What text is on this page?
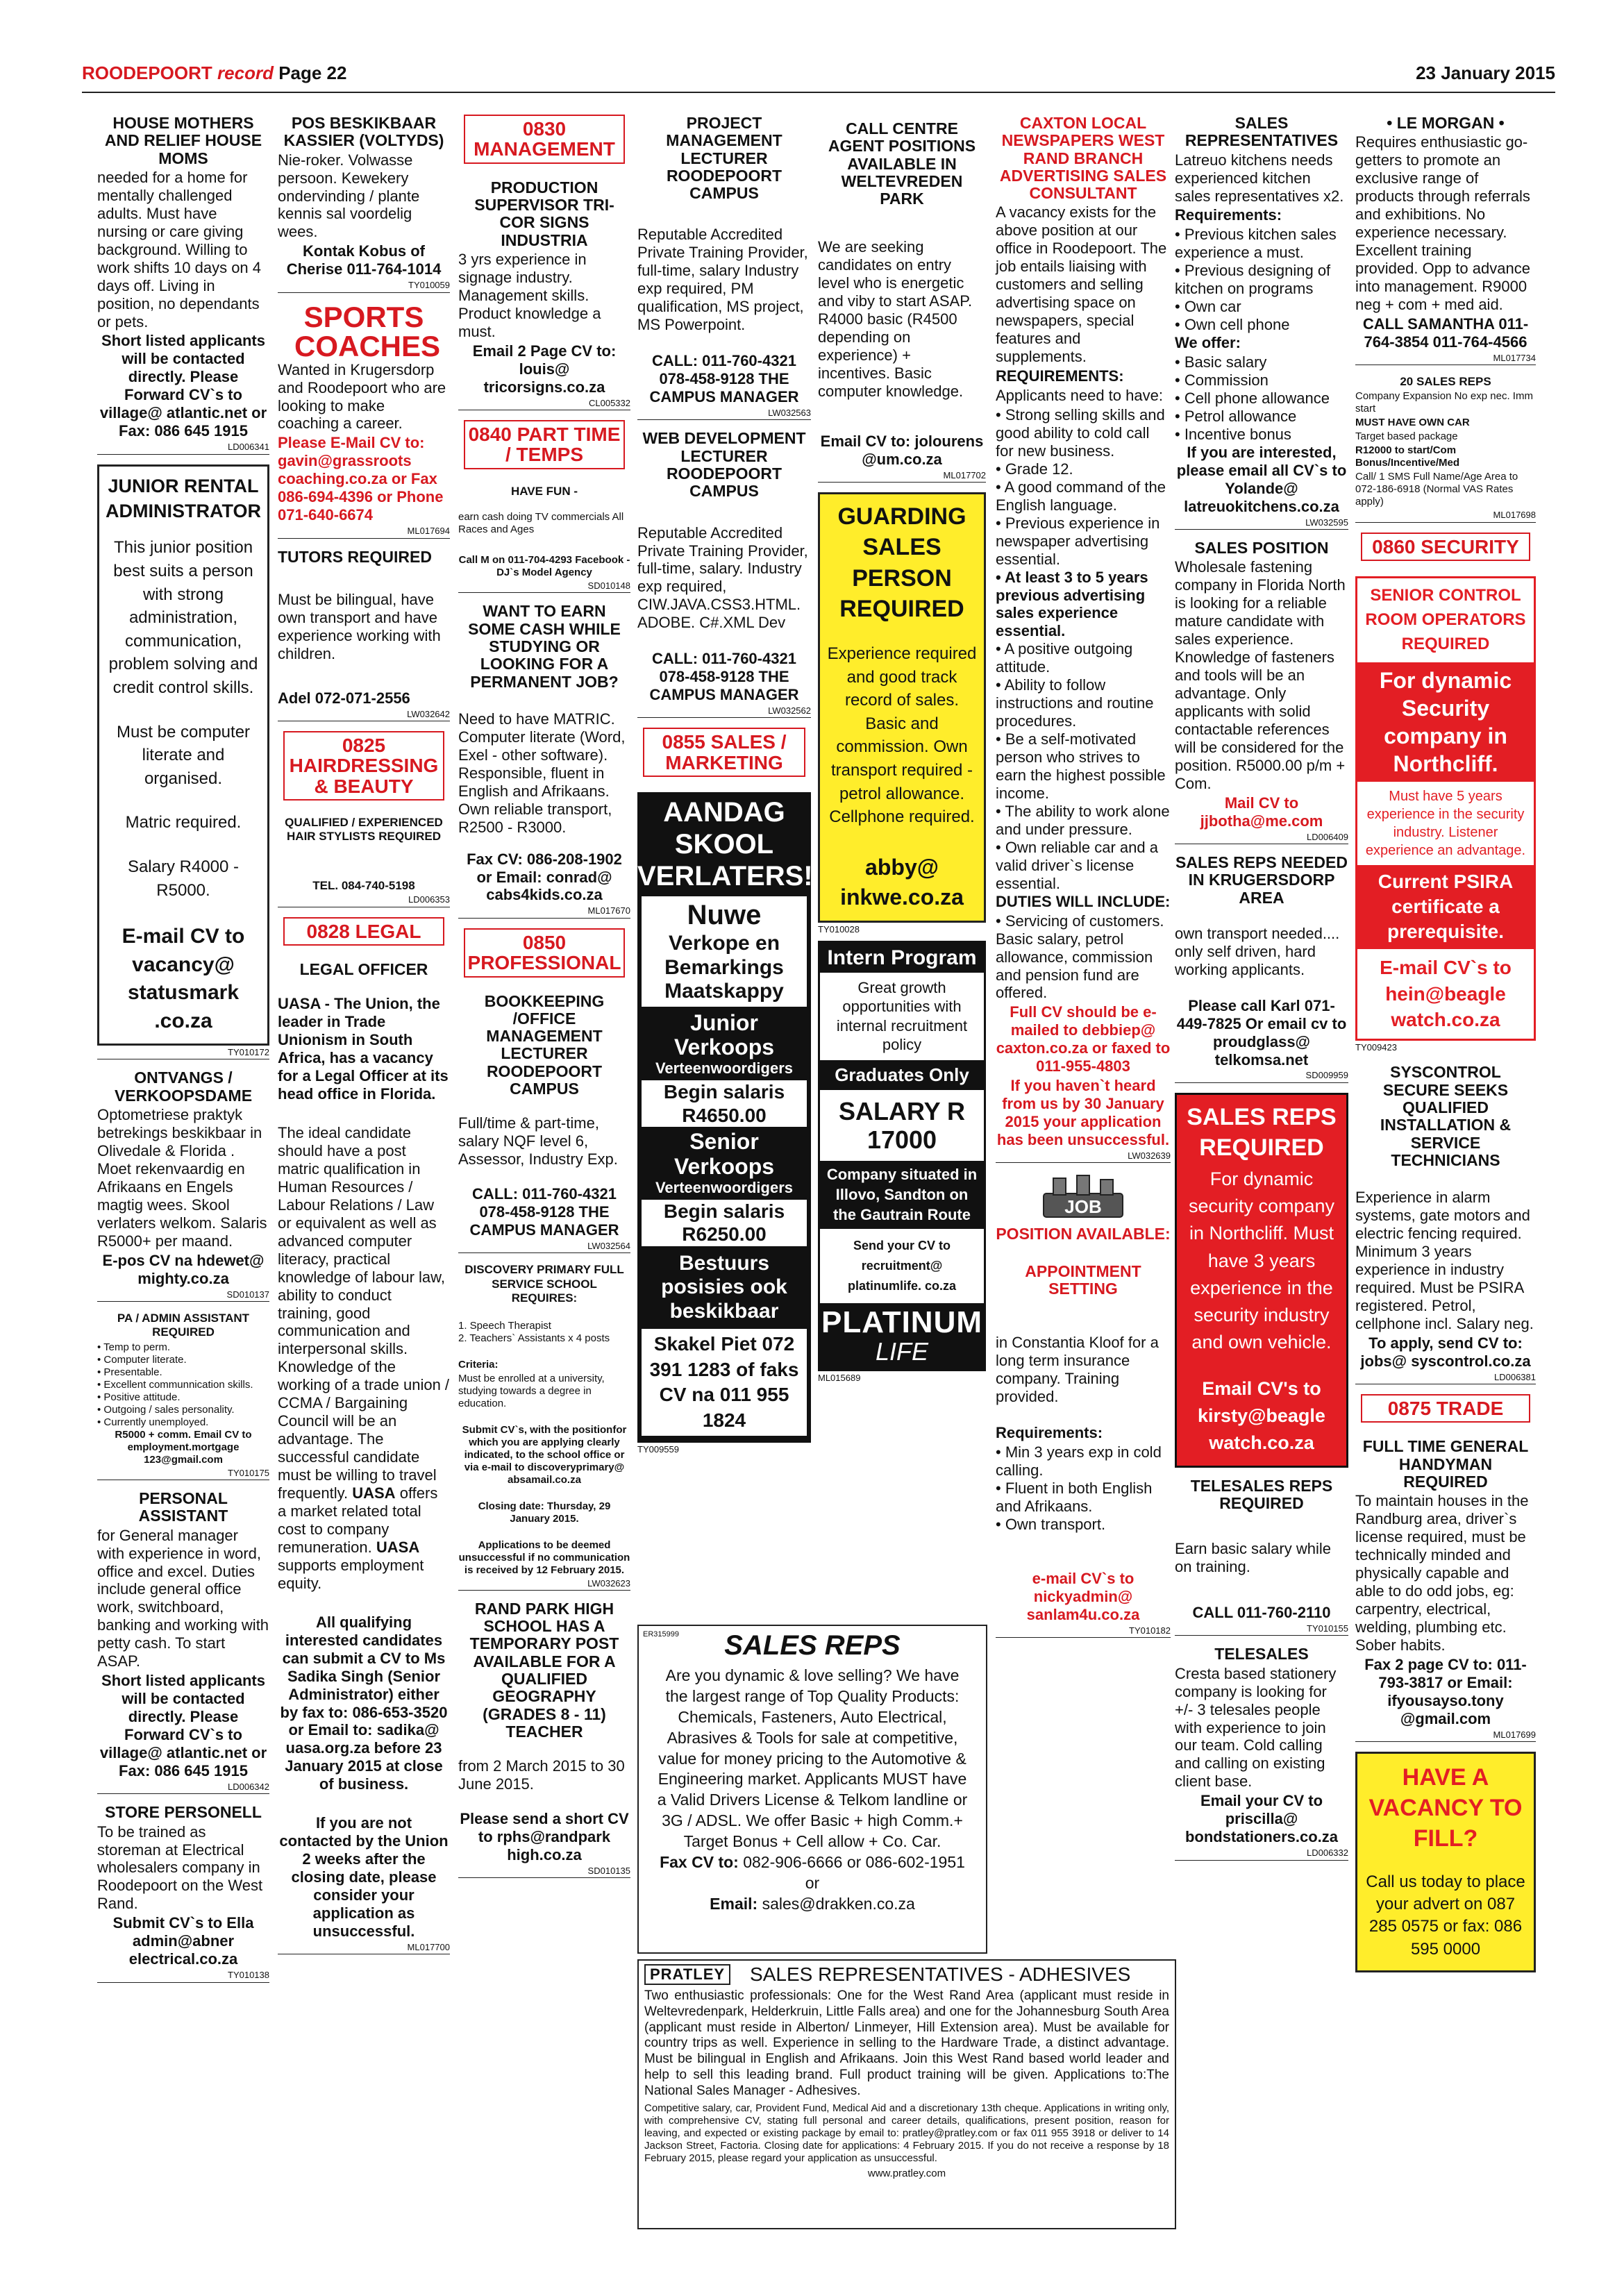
ROODEPOORT record Page 22	23 January 2015

HOUSE MOTHERS AND RELIEF HOUSE MOMS

needed for a home for mentally challenged adults. Must have nursing or care giving background. Willing to work shifts 10 days on 4 days off. Living in position, no dependants or pets.

Short listed applicants will be contacted directly. Please Forward CV`s to village@ atlantic.net or Fax: 086 645 1915

LD006341

JUNIOR RENTAL ADMINISTRATOR

This junior position best suits a person with strong administration, communication, problem solving and credit control skills.

Must be computer literate and organised.

Matric required.

Salary R4000 - R5000.

E-mail CV to vacancy@ statusmark .co.za

TY010172

ONTVANGS / VERKOOPSDAME

Optometriese praktyk betrekings beskikbaar in Olivedale & Florida . Moet rekenvaardig en Afrikaans en Engels magtig wees. Skool verlaters welkom. Salaris R5000+ per maand.

E-pos CV na hdewet@ mighty.co.za

SD010137

PA / ADMIN ASSISTANT REQUIRED

• Temp to perm.
• Computer literate.
• Presentable.
• Excellent communnication skills.
• Positive attitude.
• Outgoing / sales personality.
• Currently unemployed.

R5000 + comm. Email CV to employment.mortgage 123@gmail.com

TY010175

PERSONAL ASSISTANT

for General manager with experience in word, office and excel. Duties include general office work, switchboard, banking and working with petty cash. To start ASAP.

Short listed applicants will be contacted directly. Please Forward CV`s to village@ atlantic.net or Fax: 086 645 1915

LD006342

STORE PERSONELL

To be trained as storeman at Electrical wholesalers company in Roodepoort on the West Rand.

Submit CV`s to Ella admin@abner electrical.co.za

TY010138

POS BESKIKBAAR KASSIER (VOLTYDS)

Nie-roker. Volwasse persoon. Kewekery ondervinding / plante kennis sal voordelig wees.

Kontak Kobus of Cherise 011-764-1014

TY010059

SPORTS COACHES

Wanted in Krugersdorp and Roodepoort who are looking to make coaching a career.

Please E-Mail CV to: gavin@grassroots coaching.co.za or Fax 086-694-4396 or Phone 071-640-6674

ML017694

TUTORS REQUIRED

Must be bilingual, have own transport and have experience working with children.

Adel 072-071-2556

LW032642
0825 HAIRDRESSING & BEAUTY

QUALIFIED / EXPERIENCED HAIR STYLISTS REQUIRED

TEL. 084-740-5198

LD006353
0828 LEGAL

LEGAL OFFICER

UASA - The Union, the leader in Trade Unionism in South Africa, has a vacancy for a Legal Officer at its head office in Florida.

The ideal candidate should have a post matric qualification in Human Resources / Labour Relations / Law or equivalent as well as advanced computer literacy, practical knowledge of labour law, ability to conduct training, good communication and interpersonal skills. Knowledge of the working of a trade union / CCMA / Bargaining Council will be an advantage. The successful candidate must be willing to travel frequently. UASA offers a market related total cost to company remuneration. UASA supports employment equity.

All qualifying interested candidates can submit a CV to Ms Sadika Singh (Senior Administrator) either by fax to: 086-653-3520 or Email to: sadika@ uasa.org.za before 23 January 2015 at close of business.

If you are not contacted by the Union 2 weeks after the closing date, please consider your application as unsuccessful.

ML017700
0830 MANAGEMENT

PRODUCTION SUPERVISOR TRI-COR SIGNS INDUSTRIA

3 yrs experience in signage industry. Management skills. Product knowledge a must.

Email 2 Page CV to: louis@ tricorsigns.co.za

CL005332
0840 PART TIME / TEMPS

HAVE FUN -

earn cash doing TV commercials All Races and Ages

Call M on 011-704-4293 Facebook -DJ`s Model Agency

SD010148

WANT TO EARN SOME CASH WHILE STUDYING OR LOOKING FOR A PERMANENT JOB?

Need to have MATRIC. Computer literate (Word, Exel - other software). Responsible, fluent in English and Afrikaans. Own reliable transport, R2500 - R3000.

Fax CV: 086-208-1902 or Email: conrad@ cabs4kids.co.za

ML017670
0850 PROFESSIONAL

BOOKKEEPING /OFFICE MANAGEMENT LECTURER ROODEPOORT CAMPUS

Full/time & part-time, salary NQF level 6, Assessor, Industry Exp.

CALL: 011-760-4321 078-458-9128 THE CAMPUS MANAGER

LW032564

DISCOVERY PRIMARY FULL SERVICE SCHOOL REQUIRES:

1. Speech Therapist
2. Teachers` Assistants x 4 posts

Criteria:

Must be enrolled at a university, studying towards a degree in education.

Submit CV`s, with the positionfor which you are applying clearly indicated, to the school office or via e-mail to discoveryprimary@ absamail.co.za

Closing date: Thursday, 29 January 2015.

Applications to be deemed unsuccessful if no communication is received by 12 February 2015.

LW032623

RAND PARK HIGH SCHOOL HAS A TEMPORARY POST AVAILABLE FOR A QUALIFIED GEOGRAPHY (GRADES 8 - 11) TEACHER

from 2 March 2015 to 30 June 2015.

Please send a short CV to rphs@randpark high.co.za

SD010135

PROJECT MANAGEMENT LECTURER ROODEPOORT CAMPUS

Reputable Accredited Private Training Provider, full-time, salary Industry exp required, PM qualification, MS project, MS Powerpoint.

CALL: 011-760-4321 078-458-9128 THE CAMPUS MANAGER

LW032563

WEB DEVELOPMENT LECTURER ROODEPOORT CAMPUS

Reputable Accredited Private Training Provider, full-time, salary. Industry exp required, CIW.JAVA.CSS3.HTML. ADOBE. C#.XML Dev

CALL: 011-760-4321 078-458-9128 THE CAMPUS MANAGER

LW032562
0855 SALES / MARKETING
AANDAG SKOOL VERLATERS!
Nuwe
Verkope en Bemarkings Maatskappy
Junior Verkoops
Verteenwoordigers
Begin salaris
R4650.00
Senior Verkoops
Verteenwoordigers
Begin salaris
R6250.00
Bestuurs posisies ook beskikbaar
Skakel Piet 072 391 1283 of faks CV na 011 955 1824
TY009559

CALL CENTRE AGENT POSITIONS AVAILABLE IN WELTEVREDEN PARK

We are seeking candidates on entry level who is energetic and viby to start ASAP. R4000 basic (R4500 depending on experience) + incentives. Basic computer knowledge.

Email CV to: jolourens @um.co.za

ML017702

GUARDING SALES PERSON REQUIRED

Experience required and good track record of sales. Basic and commission. Own transport required - petrol allowance. Cellphone required.

abby@ inkwe.co.za

TY010028
Intern Program
Great growth opportunities with internal recruitment policy
Graduates Only
SALARY R 17000
Company situated in Illovo, Sandton on the Gautrain Route
Send your CV to recruitment@ platinumlife. co.za
PLATINUM
LIFE
ML015689

CAXTON LOCAL NEWSPAPERS WEST RAND BRANCH ADVERTISING SALES CONSULTANT

A vacancy exists for the above position at our office in Roodepoort. The job entails liaising with customers and selling advertising space on newspapers, special features and supplements.

REQUIREMENTS:

Applicants need to have:

• Strong selling skills and good ability to cold call for new business.
• Grade 12.
• A good command of the English language.
• Previous experience in newspaper advertising essential.
• At least 3 to 5 years previous advertising sales experience essential.
• A positive outgoing attitude.
• Ability to follow instructions and routine procedures.
• Be a self-motivated person who strives to earn the highest possible income.
• The ability to work alone and under pressure.
• Own reliable car and a valid driver`s license essential.

DUTIES WILL INCLUDE:

• Servicing of customers.

Basic salary, petrol allowance, commission and pension fund are offered.

Full CV should be e-mailed to debbiep@ caxton.co.za or faxed to 011-955-4803

If you haven`t heard from us by 30 January 2015 your application has been unsuccessful.

LW032639
JOB

POSITION AVAILABLE:

APPOINTMENT SETTING

in Constantia Kloof for a long term insurance company. Training provided.

Requirements:

• Min 3 years exp in cold calling.
• Fluent in both English and Afrikaans.
• Own transport.

e-mail CV`s to nickyadmin@ sanlam4u.co.za

TY010182

SALES REPRESENTATIVES

Latreuo kitchens needs experienced kitchen sales representatives x2.

Requirements:

• Previous kitchen sales experience a must.
• Previous designing of kitchen on programs
• Own car
• Own cell phone

We offer:

• Basic salary
• Commission
• Cell phone allowance
• Petrol allowance
• Incentive bonus

If you are interested, please email all CV`s to Yolande@ latreuokitchens.co.za

LW032595

SALES POSITION

Wholesale fastening company in Florida North is looking for a reliable mature candidate with sales experience. Knowledge of fasteners and tools will be an advantage. Only applicants with solid contactable references will be considered for the position. R5000.00 p/m + Com.

Mail CV to jjbotha@me.com

LD006409

SALES REPS NEEDED IN KRUGERSDORP AREA

own transport needed.... only self driven, hard working applicants.

Please call Karl 071-449-7825 Or email cv to proudglass@ telkomsa.net

SD009959

SALES REPS REQUIRED

For dynamic security company in Northcliff. Must have 3 years experience in the security industry and own vehicle.

Email CV's to kirsty@beagle watch.co.za

TELESALES REPS REQUIRED

Earn basic salary while on training.

CALL 011-760-2110

TY010155

TELESALES

Cresta based stationery company is looking for +/- 3 telesales people with experience to join our team. Cold calling and calling on existing client base.

Email your CV to priscilla@ bondstationers.co.za

LD006332

• LE MORGAN •

Requires enthusiastic go-getters to promote an exclusive range of products through referrals and exhibitions. No experience necessary. Excellent training provided. Opp to advance into management. R9000 neg + com + med aid.

CALL SAMANTHA 011-764-3854 011-764-4566

ML017734

20 SALES REPS

Company Expansion No exp nec. Imm start

MUST HAVE OWN CAR

Target based package

R12000 to start/Com Bonus/Incentive/Med

Call/ 1 SMS Full Name/Age Area to 072-186-6918 (Normal VAS Rates apply)

ML017698
0860 SECURITY
SENIOR CONTROL ROOM OPERATORS REQUIRED
For dynamic Security company in Northcliff.
Must have 5 years experience in the security industry. Listener experience an advantage.
Current PSIRA certificate a prerequisite.
E-mail CV`s to hein@beagle watch.co.za
TY009423

SYSCONTROL SECURE SEEKS QUALIFIED INSTALLATION & SERVICE TECHNICIANS

Experience in alarm systems, gate motors and electric fencing required. Minimum 3 years experience in industry required. Must be PSIRA registered. Petrol, cellphone incl. Salary neg.

To apply, send CV to: jobs@ syscontrol.co.za

LD006381
0875 TRADE

FULL TIME GENERAL HANDYMAN REQUIRED

To maintain houses in the Randburg area, driver`s license required, must be technically minded and physically capable and able to do odd jobs, eg: carpentry, electrical, welding, plumbing etc. Sober habits.

Fax 2 page CV to: 011-793-3817 or Email: ifyousayso.tony @gmail.com

ML017699

HAVE A VACANCY TO FILL?

Call us today to place your advert on 087 285 0575 or fax: 086 595 0000

ER315999	SALES REPS
Are you dynamic & love selling? We have the largest range of Top Quality Products: Chemicals, Fasteners, Auto Electrical, Abrasives & Tools for sale at competitive, value for money pricing to the Automotive & Engineering market. Applicants MUST have a Valid Drivers License & Telkom landline or 3G / ADSL. We offer Basic + high Comm.+ Target Bonus + Cell allow + Co. Car.
Fax CV to: 082-906-6666 or 086-602-1951 or
Email: sales@drakken.co.za
PRATLEY SALES REPRESENTATIVES - ADHESIVES
Two enthusiastic professionals: One for the West Rand Area (applicant must reside in Weltevredenpark, Helderkruin, Little Falls area) and one for the Johannesburg South Area (applicant must reside in Alberton/ Linmeyer, Hill Extension area). Must be available for country trips as well. Experience in selling to the Hardware Trade, a distinct advantage. Must be bilingual in English and Afrikaans. Join this West Rand based world leader and help to sell this leading brand. Full product training will be given. Applications to:The National Sales Manager - Adhesives.
Competitive salary, car, Provident Fund, Medical Aid and a discretionary 13th cheque. Applications in writing only, with comprehensive CV, stating full personal and career details, qualifications, present position, reason for leaving, and expected or existing package by email to: pratley@pratley.com or fax 011 955 3918 or deliver to 14 Jackson Street, Factoria. Closing date for applications: 4 February 2015. If you do not receive a response by 18 February 2015, please regard your application as unsuccessful.
www.pratley.com
